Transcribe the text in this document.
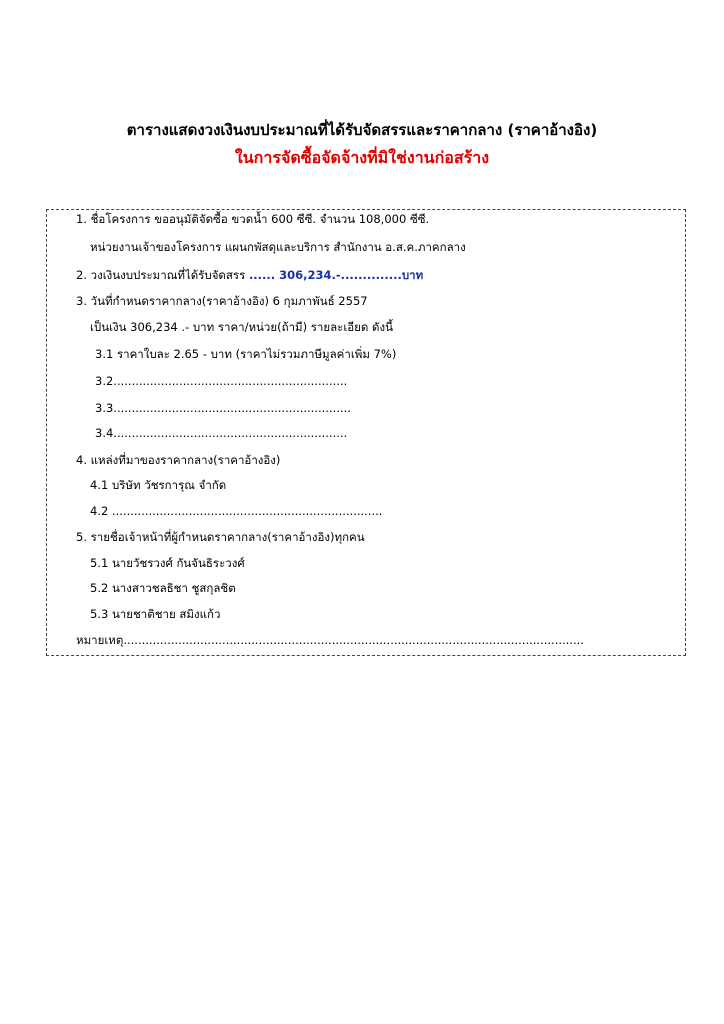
ตารางแสดงวงเงินงบประมาณที่ได้รับจัดสรรและราคากลาง (ราคาอ้างอิง)
ในการจัดซื้อจัดจ้างที่มิใช่งานก่อสร้าง
1. ชื่อโครงการ ขออนุมัติจัดซื้อ ขวดน้ำ 600 ซีซี. จำนวน 108,000 ซีซี.
หน่วยงานเจ้าของโครงการ แผนกพัสดุและบริการ สำนักงาน อ.ส.ค.ภาคกลาง
2. วงเงินงบประมาณที่ได้รับจัดสรร ...... 306,234.-..............บาท
3. วันที่กำหนดราคากลาง(ราคาอ้างอิง) 6 กุมภาพันธ์ 2557
เป็นเงิน 306,234 .- บาท ราคา/หน่วย(ถ้ามี) รายละเอียด ดังนี้
3.1 ราคาใบละ 2.65 - บาท (ราคาไม่รวมภาษีมูลค่าเพิ่ม 7%)
3.2................................................................
3.3.................................................................
3.4................................................................
4. แหล่งที่มาของราคากลาง(ราคาอ้างอิง)
4.1 บริษัท วัชรการุณ จำกัด
4.2 ..........................................................................
5. รายชื่อเจ้าหน้าที่ผู้กำหนดราคากลาง(ราคาอ้างอิง)ทุกคน
5.1 นายวัชรวงศ์ กันจันธิระวงศ์
5.2 นางสาวชลธิชา ชูสกุลชิต
5.3 นายชาติชาย สมิงแก้ว
หมายเหตุ..............................................................................................................................
